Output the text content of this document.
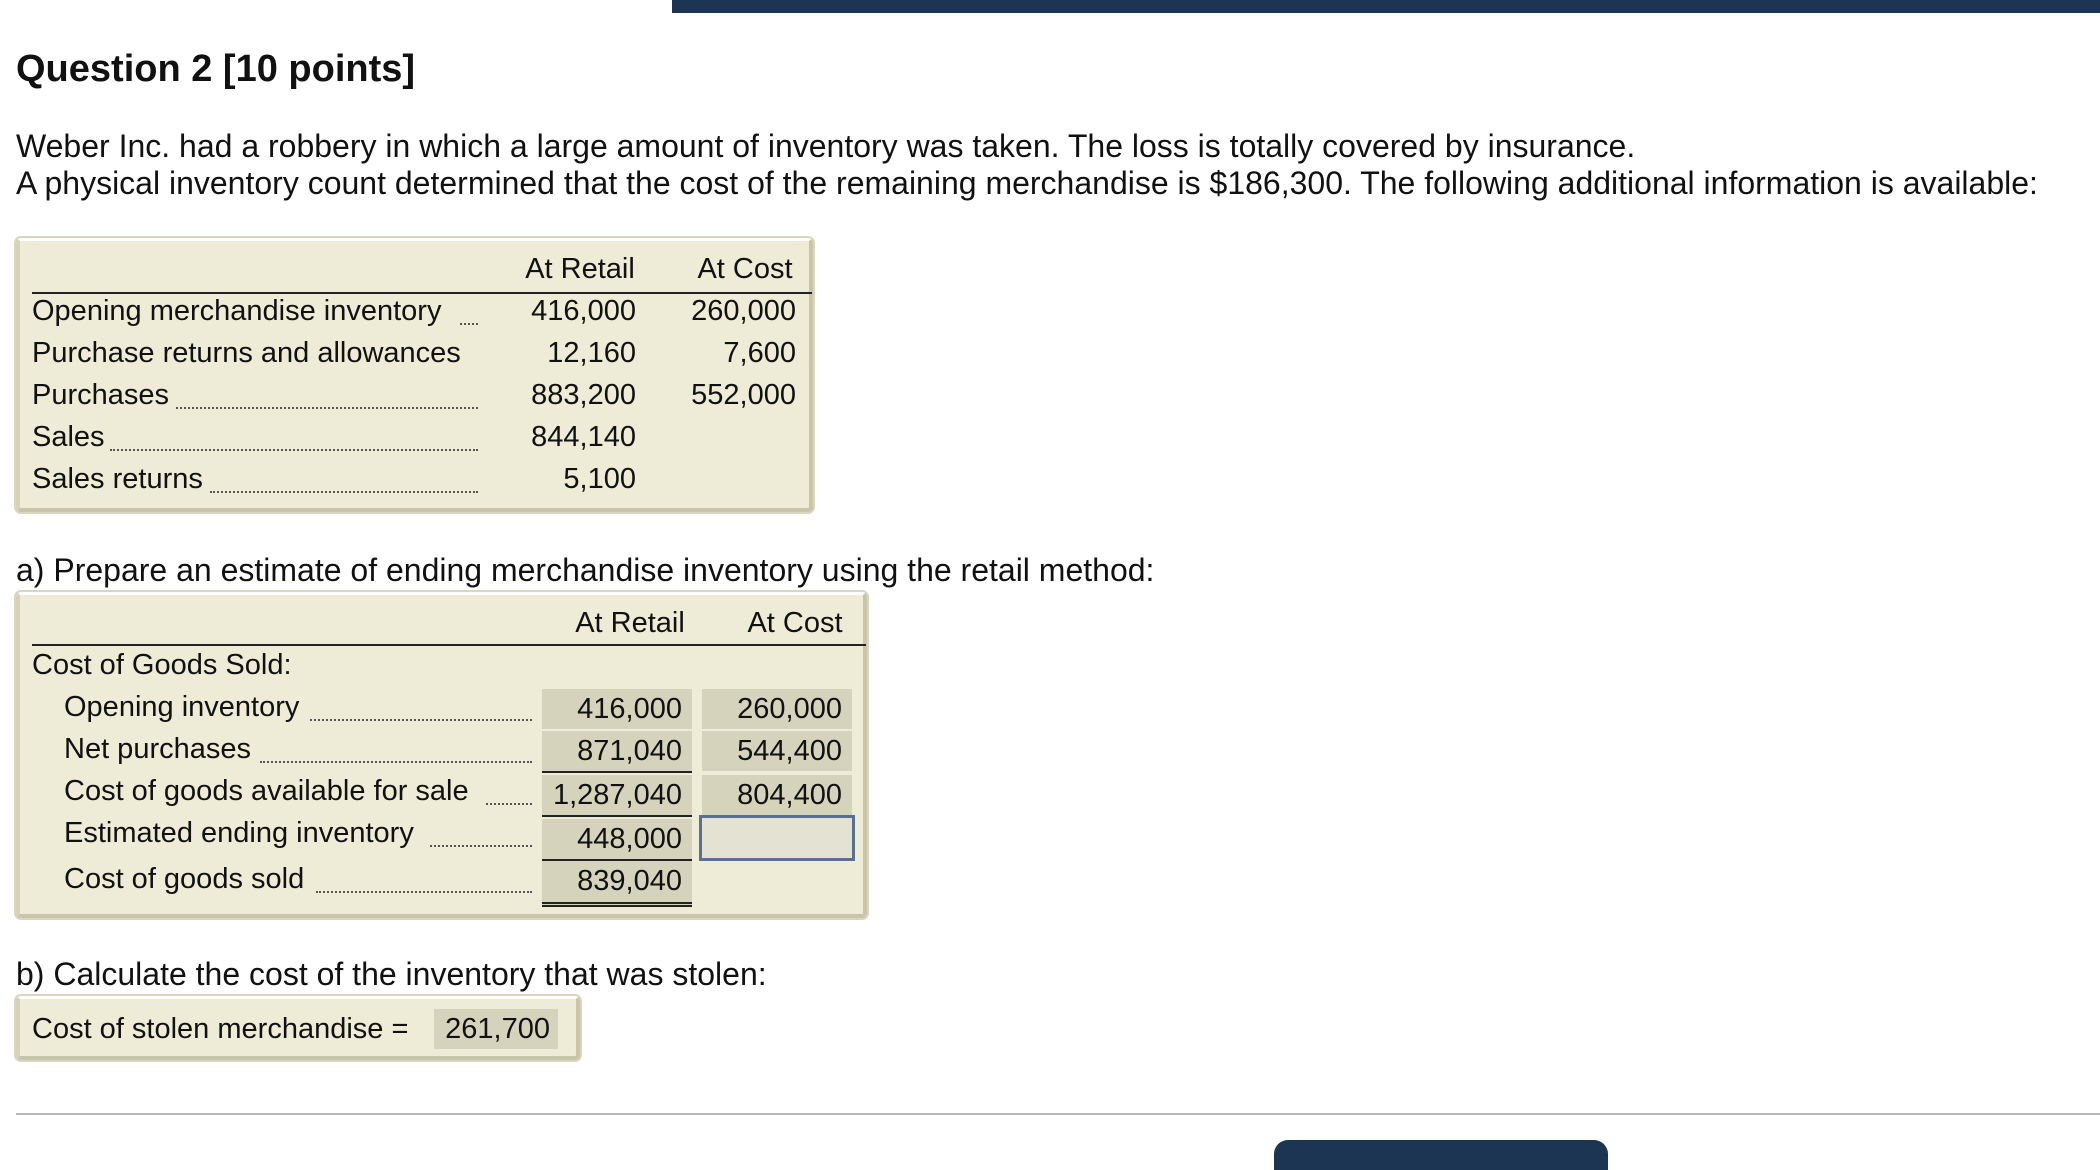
Question 2 [10 points]
Weber Inc. had a robbery in which a large amount of inventory was taken. The loss is totally covered by insurance.
A physical inventory count determined that the cost of the remaining merchandise is $186,300. The following additional information is available:
At Retail	At Cost
Opening merchandise inventory	416,000	260,000
Purchase returns and allowances	12,160	7,600
Purchases	883,200	552,000
Sales	844,140
Sales returns	5,100
a) Prepare an estimate of ending merchandise inventory using the retail method:
At Retail	At Cost
Cost of Goods Sold:
Opening inventory	416,000	260,000
Net purchases	871,040	544,400
Cost of goods available for sale	1,287,040	804,400
Estimated ending inventory	448,000
Cost of goods sold	839,040
b) Calculate the cost of the inventory that was stolen:
Cost of stolen merchandise =	261,700
